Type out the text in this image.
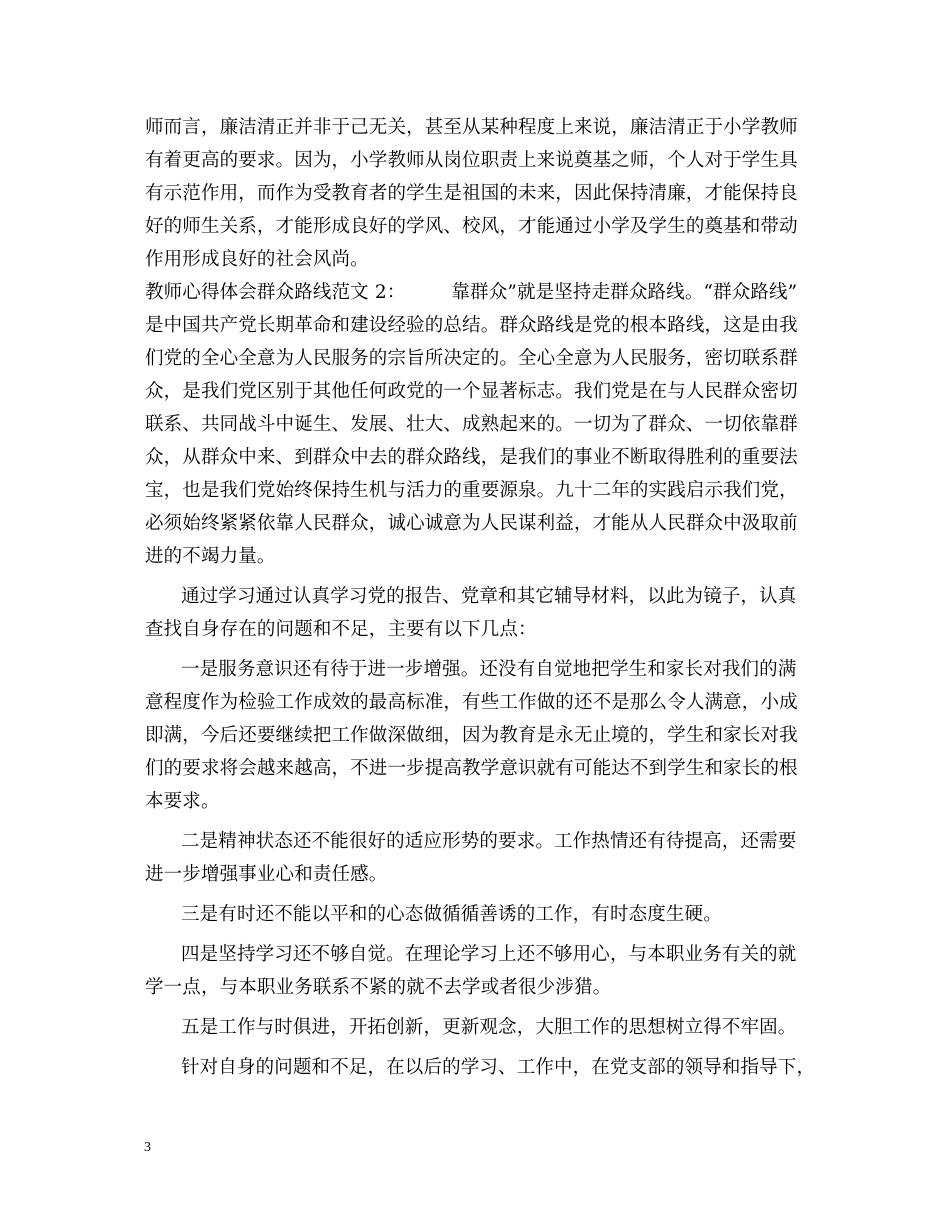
师而言，廉洁清正并非于己无关，甚至从某种程度上来说，廉洁清正于小学教师
有着更高的要求。因为，小学教师从岗位职责上来说奠基之师，个人对于学生具
有示范作用，而作为受教育者的学生是祖国的未来，因此保持清廉，才能保持良
好的师生关系，才能形成良好的学风、校风，才能通过小学及学生的奠基和带动
作用形成良好的社会风尚。
教师心得体会群众路线范文 2： 靠群众”就是坚持走群众路线。“群众路线”
是中国共产党长期革命和建设经验的总结。群众路线是党的根本路线，这是由我
们党的全心全意为人民服务的宗旨所决定的。全心全意为人民服务，密切联系群
众，是我们党区别于其他任何政党的一个显著标志。我们党是在与人民群众密切
联系、共同战斗中诞生、发展、壮大、成熟起来的。一切为了群众、一切依靠群
众，从群众中来、到群众中去的群众路线，是我们的事业不断取得胜利的重要法
宝，也是我们党始终保持生机与活力的重要源泉。九十二年的实践启示我们党，
必须始终紧紧依靠人民群众，诚心诚意为人民谋利益，才能从人民群众中汲取前
进的不竭力量。
通过学习通过认真学习党的报告、党章和其它辅导材料，以此为镜子，认真
查找自身存在的问题和不足，主要有以下几点：
一是服务意识还有待于进一步增强。还没有自觉地把学生和家长对我们的满
意程度作为检验工作成效的最高标准，有些工作做的还不是那么令人满意，小成
即满，今后还要继续把工作做深做细，因为教育是永无止境的，学生和家长对我
们的要求将会越来越高，不进一步提高教学意识就有可能达不到学生和家长的根
本要求。
二是精神状态还不能很好的适应形势的要求。工作热情还有待提高，还需要
进一步增强事业心和责任感。
三是有时还不能以平和的心态做循循善诱的工作，有时态度生硬。
四是坚持学习还不够自觉。在理论学习上还不够用心，与本职业务有关的就
学一点，与本职业务联系不紧的就不去学或者很少涉猎。
五是工作与时俱进，开拓创新，更新观念，大胆工作的思想树立得不牢固。
针对自身的问题和不足，在以后的学习、工作中，在党支部的领导和指导下，
3
